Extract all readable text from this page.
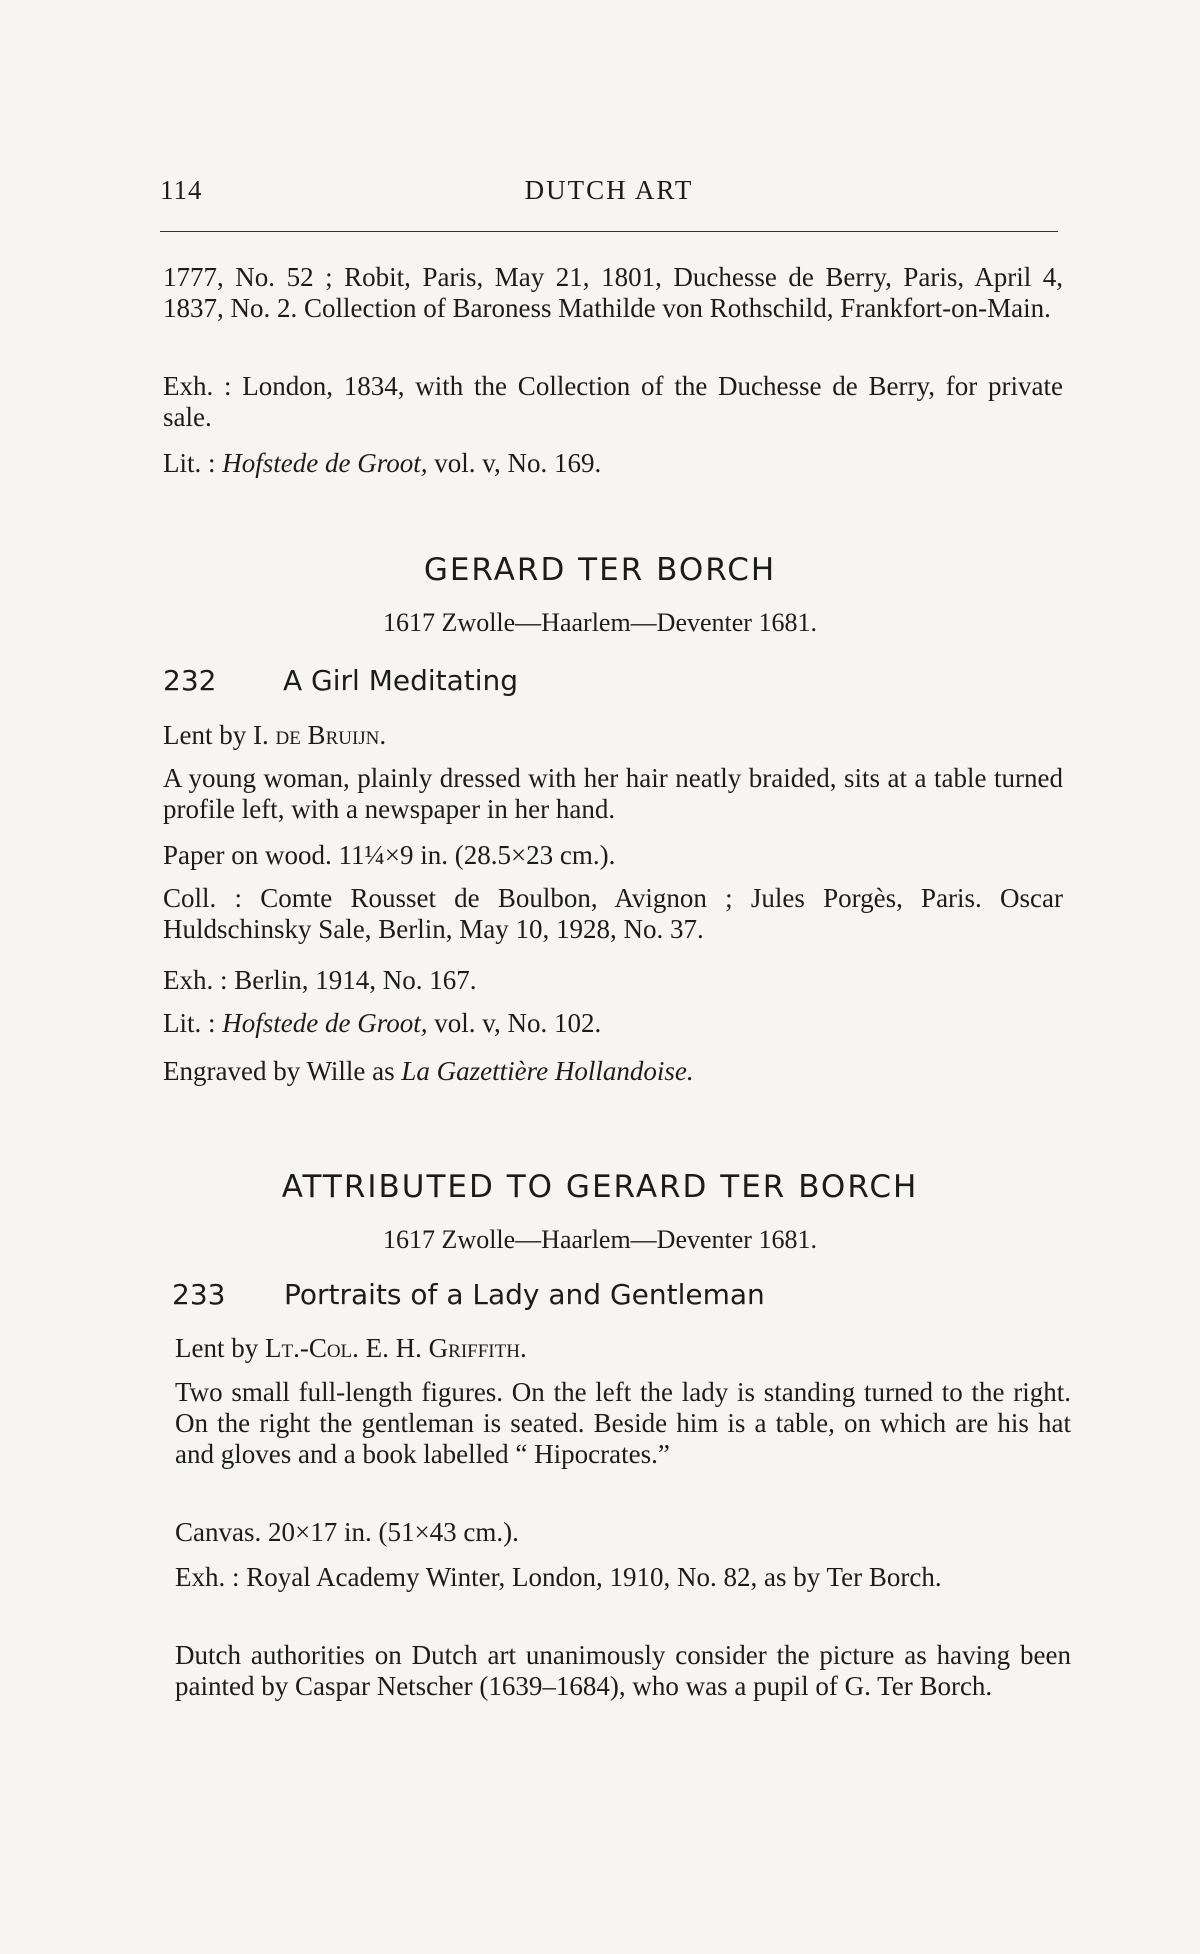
114	DUTCH ART

1777, No. 52 ; Robit, Paris, May 21, 1801, Duchesse de Berry, Paris, April 4, 1837, No. 2. Collection of Baroness Mathilde von Rothschild, Frankfort-on-Main.

Exh. : London, 1834, with the Collection of the Duchesse de Berry, for private sale.

Lit. : Hofstede de Groot, vol. v, No. 169.

GERARD TER BORCH
1617 Zwolle—Haarlem—Deventer 1681.
232 A Girl Meditating

Lent by I. de Bruijn.

A young woman, plainly dressed with her hair neatly braided, sits at a table turned profile left, with a newspaper in her hand.

Paper on wood. 11¼×9 in. (28.5×23 cm.).

Coll. : Comte Rousset de Boulbon, Avignon ; Jules Porgès, Paris. Oscar Huldschinsky Sale, Berlin, May 10, 1928, No. 37.

Exh. : Berlin, 1914, No. 167.

Lit. : Hofstede de Groot, vol. v, No. 102.

Engraved by Wille as La Gazettière Hollandoise.

ATTRIBUTED TO GERARD TER BORCH
1617 Zwolle—Haarlem—Deventer 1681.
233 Portraits of a Lady and Gentleman

Lent by Lt.-Col. E. H. Griffith.

Two small full-length figures. On the left the lady is standing turned to the right. On the right the gentleman is seated. Beside him is a table, on which are his hat and gloves and a book labelled “ Hipocrates.”

Canvas. 20×17 in. (51×43 cm.).

Exh. : Royal Academy Winter, London, 1910, No. 82, as by Ter Borch.

Dutch authorities on Dutch art unanimously consider the picture as having been painted by Caspar Netscher (1639–1684), who was a pupil of G. Ter Borch.
